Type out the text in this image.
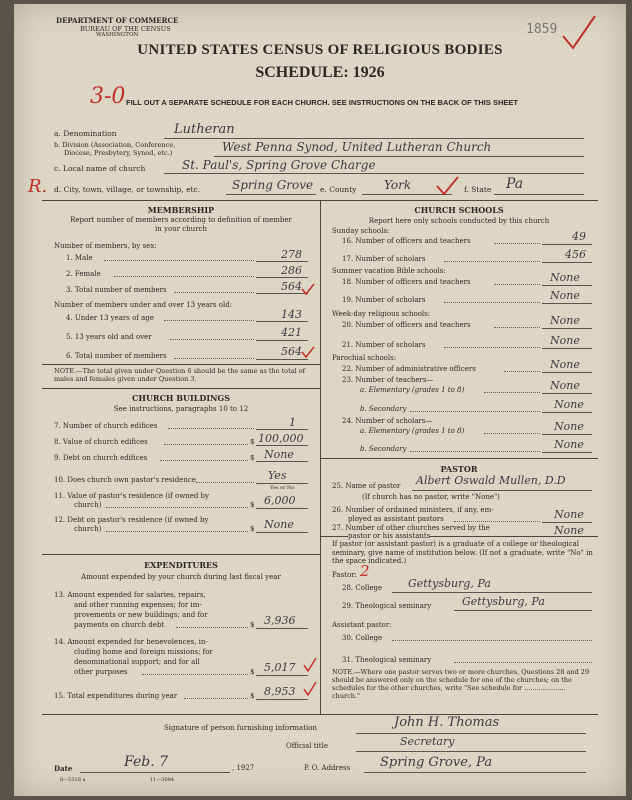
DEPARTMENT OF COMMERCE
BUREAU OF THE CENSUS
WASHINGTON	1859
UNITED STATES CENSUS OF RELIGIOUS BODIES
SCHEDULE: 1926
3-0 FILL OUT A SEPARATE SCHEDULE FOR EACH CHURCH. SEE INSTRUCTIONS ON THE BACK OF THIS SHEET
a. Denomination	Lutheran
b. Division (Association, Conference,
Diocese, Presbytery, Synod, etc.)	West Penna Synod, United Lutheran Church
c. Local name of church	St. Paul's, Spring Grove Charge
R. d. City, town, village, or township, etc.	Spring Grove e. County York	f. State Pa
MEMBERSHIP
Report number of members according to definition of member in your church
Number of members, by sex:
1. Male	278
2. Female	286
3. Total number of members	564
Number of members under and over 13 years old:
4. Under 13 years of age	143
5. 13 years old and over	421
6. Total number of members	564
NOTE.—The total given under Question 6 should be the same as the total of males and females given under Question 3.
CHURCH BUILDINGS
See instructions, paragraphs 10 to 12
7. Number of church edifices	1
8. Value of church edifices	$ 100,000
9. Debt on church edifices	$ None
10. Does church own pastor's residence	Yes
Yes or No
11. Value of pastor's residence (if owned by
church)	$ 6,000
12. Debt on pastor's residence (if owned by
church)	$ None
EXPENDITURES
Amount expended by your church during last fiscal year
13. Amount expended for salaries, repairs,
and other running expenses; for im-
provements or new buildings; and for
payments on church debt	$ 3,936
14. Amount expended for benevolences, in-
cluding home and foreign missions; for
denominational support; and for all
other purposes	$ 5,017
15. Total expenditures during year	$ 8,953
CHURCH SCHOOLS
Report here only schools conducted by this church
Sunday schools:
16. Number of officers and teachers	49
17. Number of scholars	456
Summer vacation Bible schools:
18. Number of officers and teachers	None
19. Number of scholars	None
Week-day religious schools:
20. Number of officers and teachers	None
21. Number of scholars	None
Parochial schools:
22. Number of administrative officers	None
23. Number of teachers—
a. Elementary (grades 1 to 8)	None
b. Secondary	None
24. Number of scholars—
a. Elementary (grades 1 to 8)	None
b. Secondary	None
PASTOR
25. Name of pastor Albert Oswald Mullen, D.D
(If church has no pastor, write "None")
26. Number of ordained ministers, if any, em-
ployed as assistant pastors	None
27. Number of other churches served by the	None
pastor or his assistants
If pastor (or assistant pastor) is a graduate of a college or theological seminary, give name of institution below. (If not a graduate, write "No" in the space indicated.)
Pastor: 2
28. College Gettysburg, Pa
29. Theological seminary	Gettysburg, Pa
Assistant pastor:
30. College
31. Theological seminary
NOTE.—Where one pastor serves two or more churches, Questions 28 and 29 should be answered only on the schedule for one of the churches; on the schedules for the other churches, write "See schedule for .................... church."
Signature of person furnishing information	John H. Thomas
Official title	Secretary
Date	Feb. 7	, 1927	P. O. Address Spring Grove, Pa
8—5318 a	11—3084
